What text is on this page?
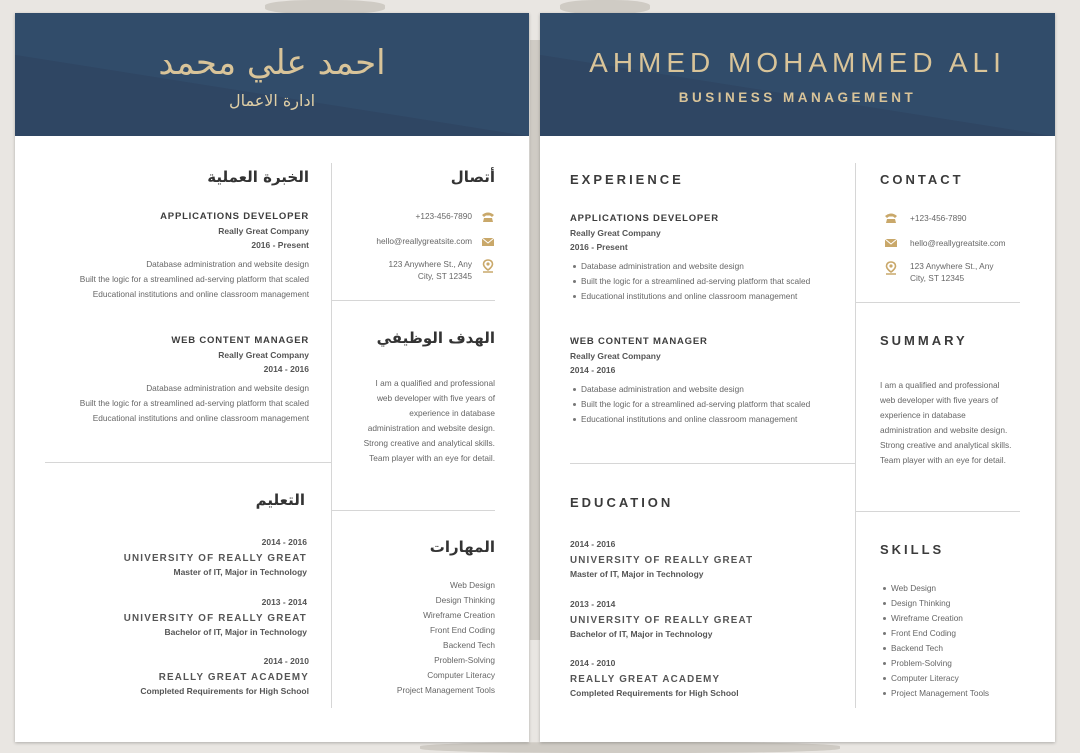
احمد علي محمد
ادارة الاعمال
الخبرة العملية
APPLICATIONS DEVELOPER
Really Great Company
2016 - Present
Database administration and website design
Built the logic for a streamlined ad-serving platform that scaled
Educational institutions and online classroom management
WEB CONTENT MANAGER
Really Great Company
2014 - 2016
Database administration and website design
Built the logic for a streamlined ad-serving platform that scaled
Educational institutions and online classroom management
أتصال
+123-456-7890
hello@reallygreatsite.com
123 Anywhere St., Any
City, ST 12345
الهدف الوظيفي
I am a qualified and professional
web developer with five years of
experience in database
administration and website design.
Strong creative and analytical skills.
Team player with an eye for detail.
التعليم
2014 - 2016
UNIVERSITY OF REALLY GREAT
Master of IT, Major in Technology
2013 - 2014
UNIVERSITY OF REALLY GREAT
Bachelor of IT, Major in Technology
2014 - 2010
REALLY GREAT ACADEMY
Completed Requirements for High School
المهارات
Web Design
Design Thinking
Wireframe Creation
Front End Coding
Backend Tech
Problem-Solving
Computer Literacy
Project Management Tools
AHMED MOHAMMED ALI
BUSINESS MANAGEMENT
EXPERIENCE
APPLICATIONS DEVELOPER
Really Great Company
2016 - Present
Database administration and website design
Built the logic for a streamlined ad-serving platform that scaled
Educational institutions and online classroom management
WEB CONTENT MANAGER
Really Great Company
2014 - 2016
Database administration and website design
Built the logic for a streamlined ad-serving platform that scaled
Educational institutions and online classroom management
CONTACT
+123-456-7890
hello@reallygreatsite.com
123 Anywhere St., Any
City, ST 12345
SUMMARY
I am a qualified and professional
web developer with five years of
experience in database
administration and website design.
Strong creative and analytical skills.
Team player with an eye for detail.
EDUCATION
2014 - 2016
UNIVERSITY OF REALLY GREAT
Master of IT, Major in Technology
2013 - 2014
UNIVERSITY OF REALLY GREAT
Bachelor of IT, Major in Technology
2014 - 2010
REALLY GREAT ACADEMY
Completed Requirements for High School
SKILLS
Web Design
Design Thinking
Wireframe Creation
Front End Coding
Backend Tech
Problem-Solving
Computer Literacy
Project Management Tools
